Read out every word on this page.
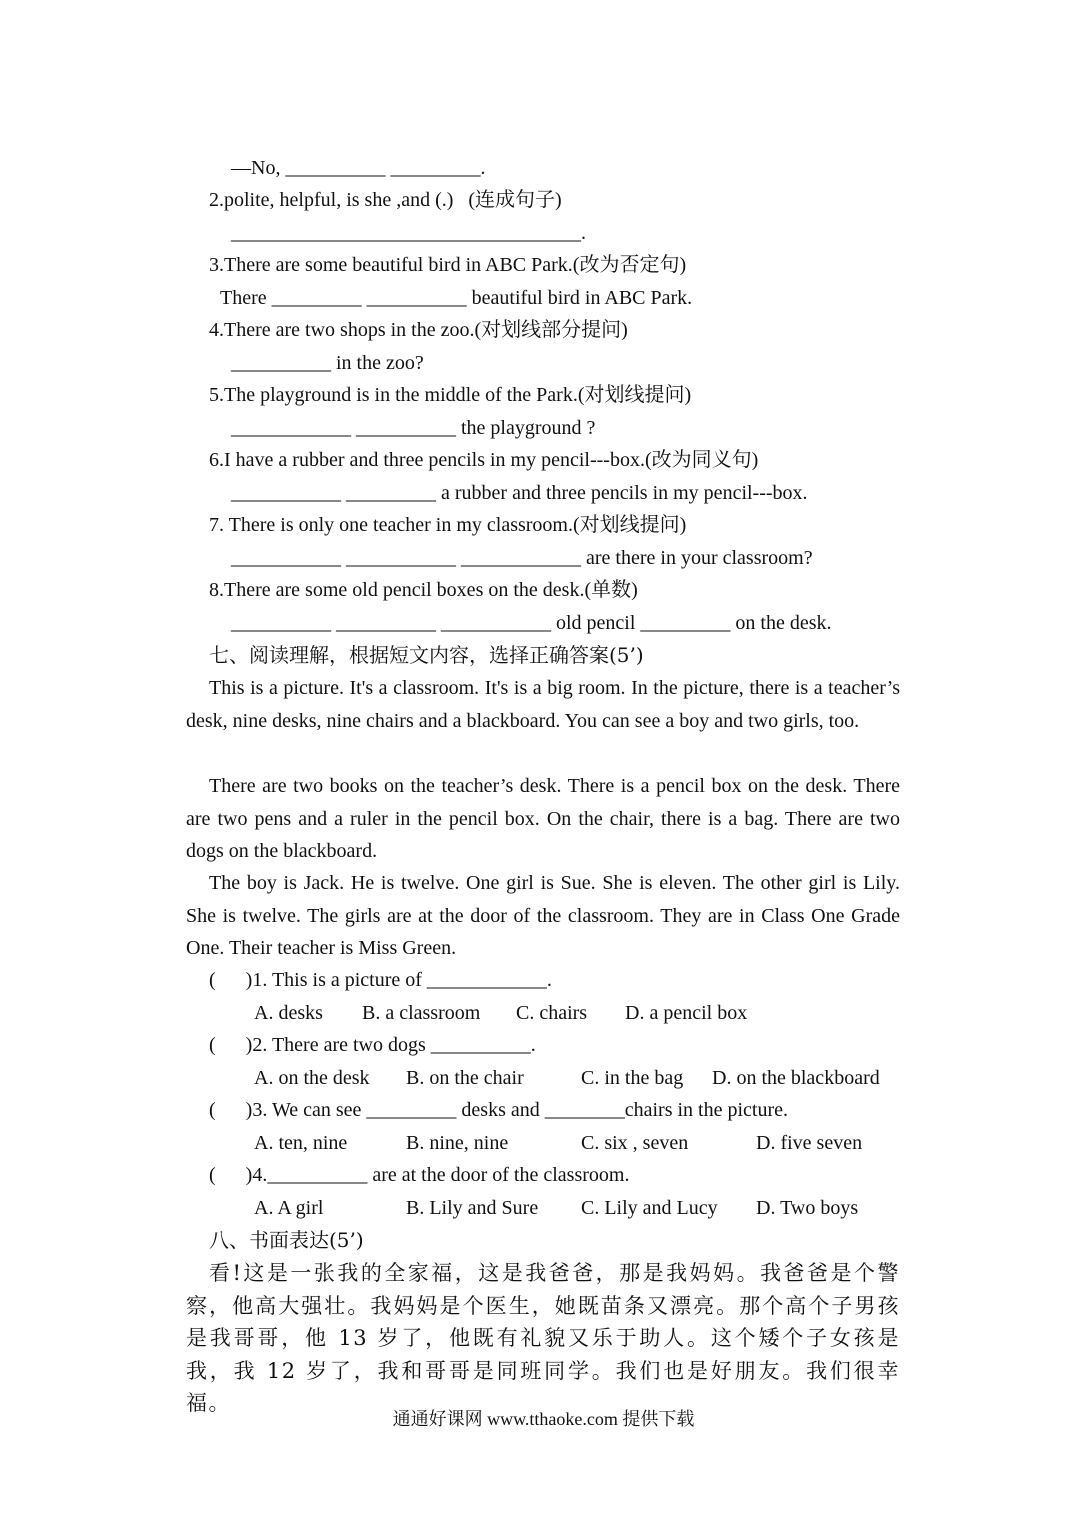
—No, __________ _________.
2.polite, helpful, is she ,and (.)   (连成句子)
___________________________________.
3.There are some beautiful bird in ABC Park.(改为否定句)
There _________ __________ beautiful bird in ABC Park.
4.There are two shops in the zoo.(对划线部分提问)
__________ in the zoo?
5.The playground is in the middle of the Park.(对划线提问)
____________ __________ the playground ?
6.I have a rubber and three pencils in my pencil---box.(改为同义句)
___________ _________ a rubber and three pencils in my pencil---box.
7. There is only one teacher in my classroom.(对划线提问)
___________ ___________ ____________ are there in your classroom?
8.There are some old pencil boxes on the desk.(单数)
__________ __________ ___________ old pencil _________ on the desk.
七、阅读理解，根据短文内容，选择正确答案(5’)
This is a picture. It's a classroom. It's is a big room. In the picture, there is a teacher’s desk, nine desks, nine chairs and a blackboard. You can see a boy and two girls, too.
There are two books on the teacher’s desk. There is a pencil box on the desk. There are two pens and a ruler in the pencil box. On the chair, there is a bag. There are two dogs on the blackboard.
The boy is Jack. He is twelve. One girl is Sue. She is eleven. The other girl is Lily. She is twelve. The girls are at the door of the classroom. They are in Class One Grade One. Their teacher is Miss Green.
(      )1. This is a picture of ____________.
A. desks B. a classroom C. chairs D. a pencil box
(      )2. There are two dogs __________.
A. on the desk B. on the chair	C. in the bag D. on the blackboard
(      )3. We can see _________ desks and ________chairs in the picture.
A. ten, nine	B. nine, nine	C. six , seven	D. five seven
(      )4.__________ are at the door of the classroom.
A. A girl	B. Lily and Sure C. Lily and Lucy D. Two boys
八、书面表达(5’)
看!这是一张我的全家福，这是我爸爸，那是我妈妈。我爸爸是个警察，他高大强壮。我妈妈是个医生，她既苗条又漂亮。那个高个子男孩是我哥哥，他 13 岁了，他既有礼貌又乐于助人。这个矮个子女孩是我，我 12 岁了，我和哥哥是同班同学。我们也是好朋友。我们很幸福。
通通好课网 www.tthaoke.com 提供下载
